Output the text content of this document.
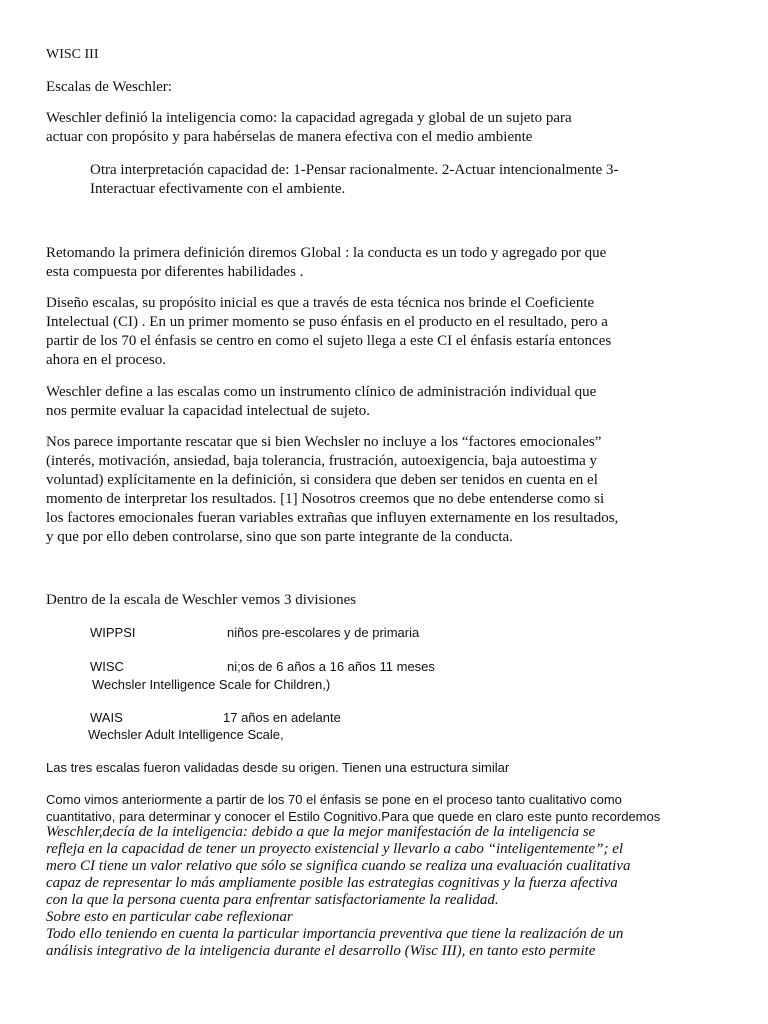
WISC III

Escalas de Weschler:

Weschler definió la inteligencia como: la capacidad agregada y global de un sujeto para

actuar con propósito y para habérselas de manera efectiva con el medio ambiente

Otra interpretación capacidad de: 1-Pensar racionalmente. 2-Actuar intencionalmente 3-

Interactuar efectivamente con el ambiente.

Retomando la primera definición diremos Global : la conducta es un todo y agregado por que

esta compuesta por diferentes habilidades .

Diseño escalas, su propósito inicial es que a través de esta técnica nos brinde el Coeficiente

Intelectual (CI) . En un primer momento se puso énfasis en el producto en el resultado, pero a

partir de los 70 el énfasis se centro en como el sujeto llega a este CI el énfasis estaría entonces

ahora en el proceso.

Weschler define a las escalas como un instrumento clínico de administración individual que

nos permite evaluar la capacidad intelectual de sujeto.

Nos parece importante rescatar que si bien Wechsler no incluye a los “factores emocionales”

(interés, motivación, ansiedad, baja tolerancia, frustración, autoexigencia, baja autoestima y

voluntad) explícitamente en la definición, si considera que deben ser tenidos en cuenta en el

momento de interpretar los resultados. [1] Nosotros creemos que no debe entenderse como si

los factores emocionales fueran variables extrañas que influyen externamente en los resultados,

y que por ello deben controlarse, sino que son parte integrante de la conducta.

Dentro de la escala de Weschler vemos 3 divisiones

WIPPSI	niños pre-escolares y de primaria

WISC	ni;os de 6 años a 16 años 11 meses

Wechsler Intelligence Scale for Children,)

WAIS	17 años en adelante

Wechsler Adult Intelligence Scale,

Las tres escalas fueron validadas desde su origen. Tienen una estructura similar

Como vimos anteriormente a partir de los 70 el énfasis se pone en el proceso tanto cualitativo como

cuantitativo, para determinar y conocer el Estilo Cognitivo.Para que quede en claro este punto recordemos

Weschler,decía de la inteligencia: debido a que la mejor manifestación de la inteligencia se

refleja en la capacidad de tener un proyecto existencial y llevarlo a cabo “inteligentemente”; el

mero CI tiene un valor relativo que sólo se significa cuando se realiza una evaluación cualitativa

capaz de representar lo más ampliamente posible las estrategias cognitivas y la fuerza afectiva

con la que la persona cuenta para enfrentar satisfactoriamente la realidad.

Sobre esto en particular cabe reflexionar

Todo ello teniendo en cuenta la particular importancia preventiva que tiene la realización de un

análisis integrativo de la inteligencia durante el desarrollo (Wisc III), en tanto esto permite
